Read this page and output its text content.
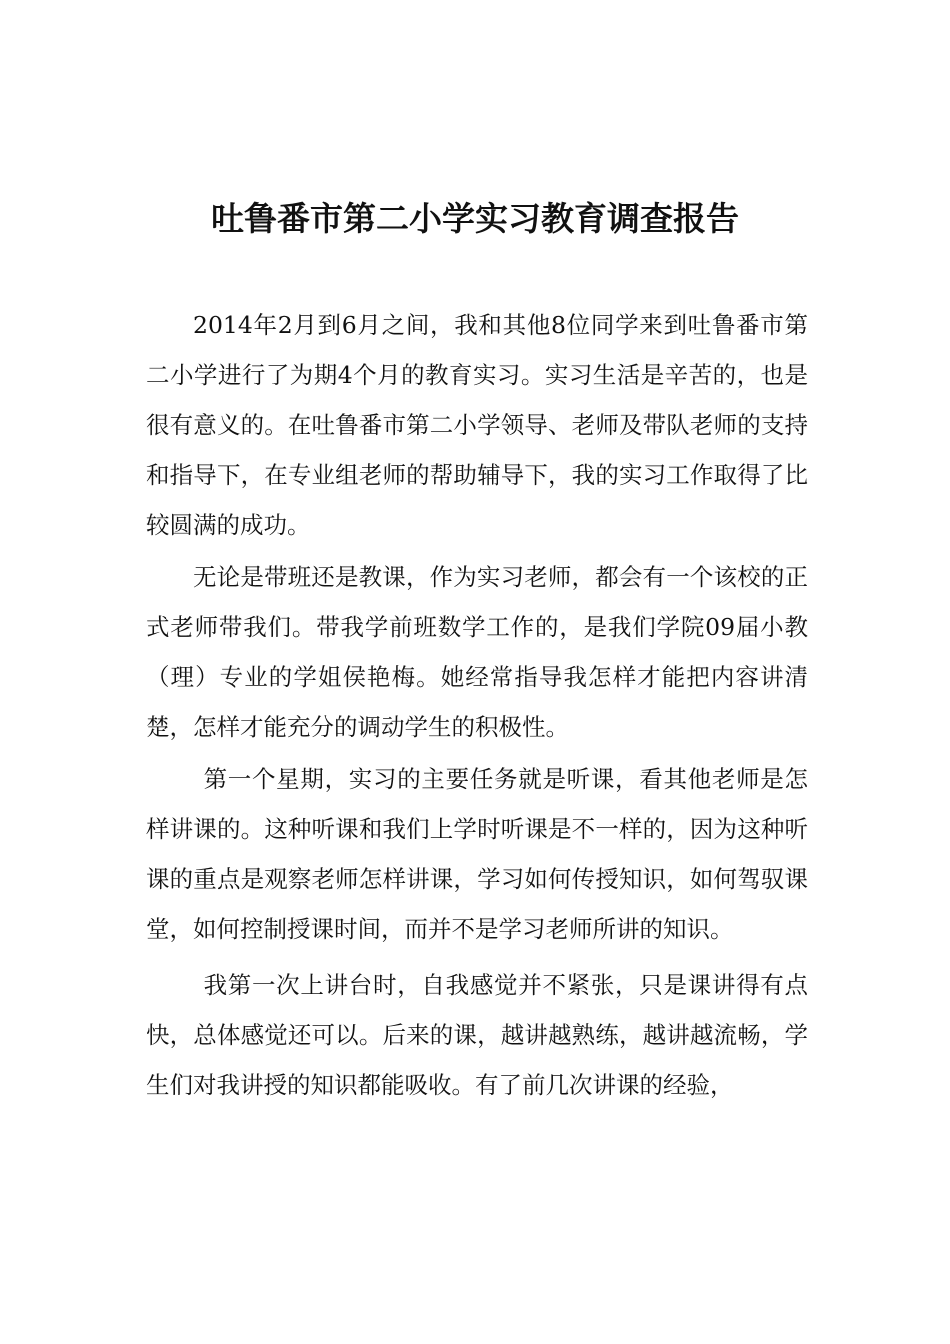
吐鲁番市第二小学实习教育调查报告

2014年2月到6月之间，我和其他8位同学来到吐鲁番市第二小学进行了为期4个月的教育实习。实习生活是辛苦的，也是很有意义的。在吐鲁番市第二小学领导、老师及带队老师的支持和指导下，在专业组老师的帮助辅导下，我的实习工作取得了比较圆满的成功。

无论是带班还是教课，作为实习老师，都会有一个该校的正式老师带我们。带我学前班数学工作的，是我们学院09届小教（理）专业的学姐侯艳梅。她经常指导我怎样才能把内容讲清楚，怎样才能充分的调动学生的积极性。

第一个星期，实习的主要任务就是听课，看其他老师是怎样讲课的。这种听课和我们上学时听课是不一样的，因为这种听课的重点是观察老师怎样讲课，学习如何传授知识，如何驾驭课堂，如何控制授课时间，而并不是学习老师所讲的知识。

我第一次上讲台时，自我感觉并不紧张，只是课讲得有点快，总体感觉还可以。后来的课，越讲越熟练，越讲越流畅，学生们对我讲授的知识都能吸收。有了前几次讲课的经验，
